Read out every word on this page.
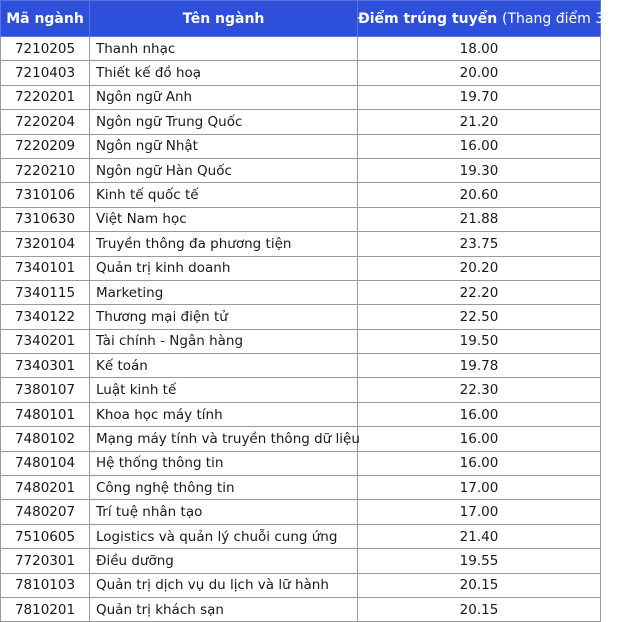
Mã ngành	Tên ngành	Điểm trúng tuyển (Thang điểm 30)
7210205	Thanh nhạc	18.00
7210403	Thiết kế đồ hoạ	20.00
7220201	Ngôn ngữ Anh	19.70
7220204	Ngôn ngữ Trung Quốc	21.20
7220209	Ngôn ngữ Nhật	16.00
7220210	Ngôn ngữ Hàn Quốc	19.30
7310106	Kinh tế quốc tế	20.60
7310630	Việt Nam học	21.88
7320104	Truyền thông đa phương tiện	23.75
7340101	Quản trị kinh doanh	20.20
7340115	Marketing	22.20
7340122	Thương mại điện tử	22.50
7340201	Tài chính - Ngân hàng	19.50
7340301	Kế toán	19.78
7380107	Luật kinh tế	22.30
7480101	Khoa học máy tính	16.00
7480102	Mạng máy tính và truyền thông dữ liệu	16.00
7480104	Hệ thống thông tin	16.00
7480201	Công nghệ thông tin	17.00
7480207	Trí tuệ nhân tạo	17.00
7510605	Logistics và quản lý chuỗi cung ứng	21.40
7720301	Điều dưỡng	19.55
7810103	Quản trị dịch vụ du lịch và lữ hành	20.15
7810201	Quản trị khách sạn	20.15
